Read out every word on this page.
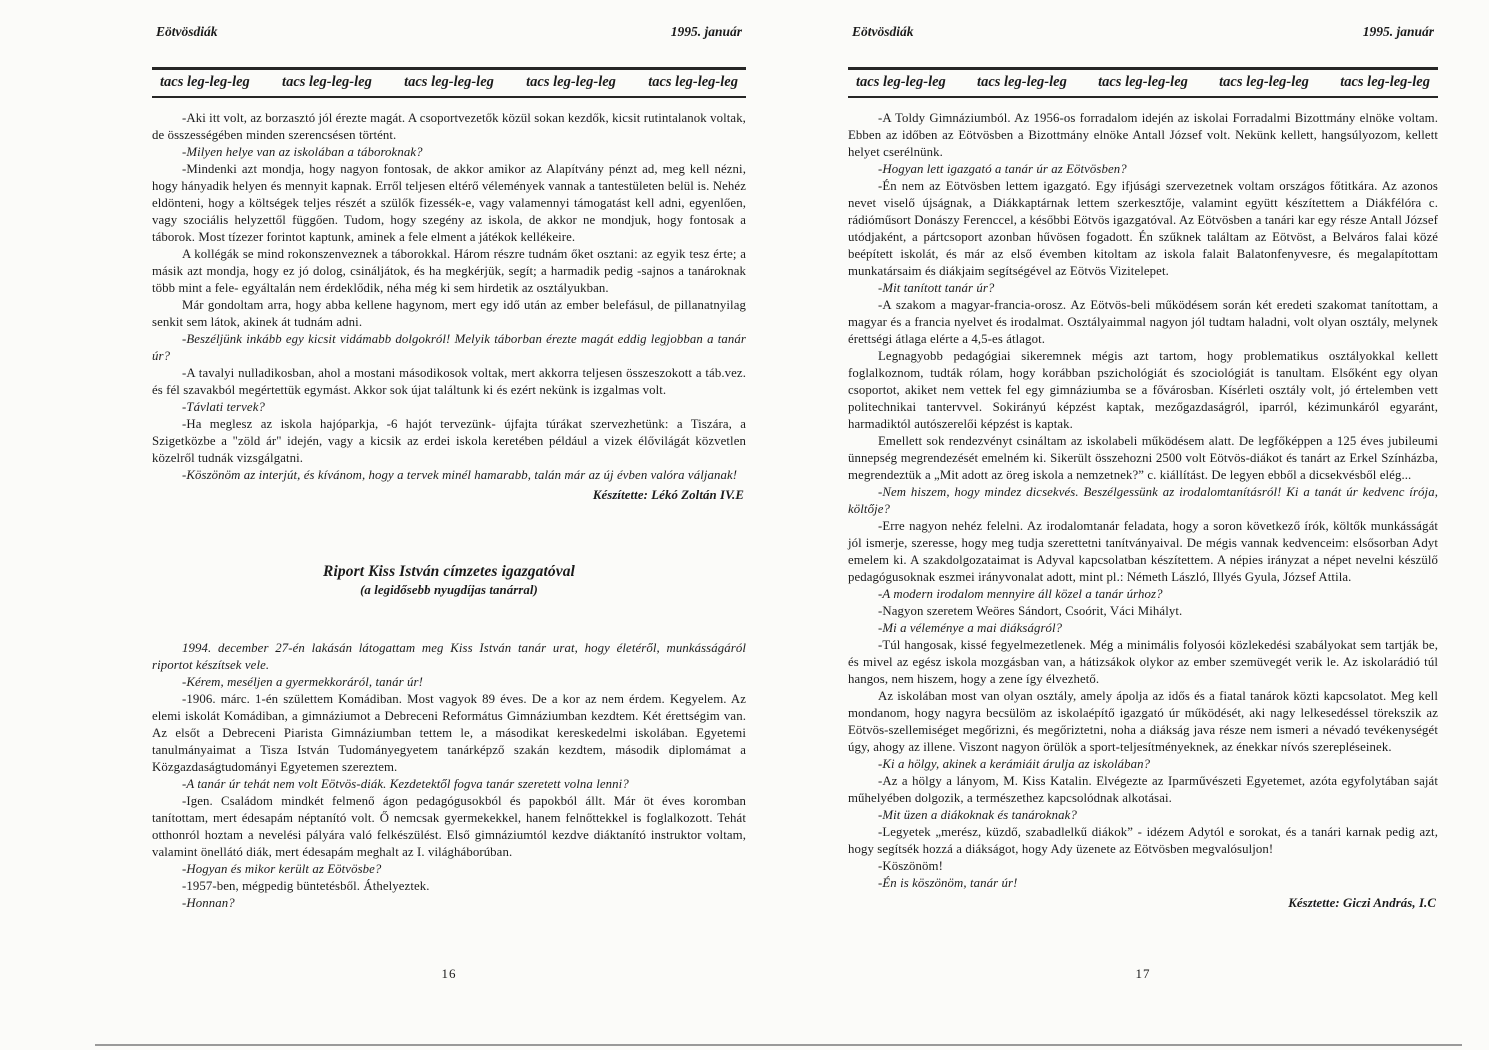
Eötvösdiák	1995. január
tacs leg-leg-leg tacs leg-leg-leg tacs leg-leg-leg tacs leg-leg-leg tacs leg-leg-leg

-Aki itt volt, az borzasztó jól érezte magát. A csoportvezetők közül sokan kezdők, kicsit rutintalanok voltak, de összességében minden szerencsésen történt.

-Milyen helye van az iskolában a táboroknak?

-Mindenki azt mondja, hogy nagyon fontosak, de akkor amikor az Alapítvány pénzt ad, meg kell nézni, hogy hányadik helyen és mennyit kapnak. Erről teljesen eltérő vélemények vannak a tantestületen belül is. Nehéz eldönteni, hogy a költségek teljes részét a szülők fizessék-e, vagy valamennyi támogatást kell adni, egyenlően, vagy szociális helyzettől függően. Tudom, hogy szegény az iskola, de akkor ne mondjuk, hogy fontosak a táborok. Most tízezer forintot kaptunk, aminek a fele elment a játékok kellékeire.

A kollégák se mind rokonszenveznek a táborokkal. Három részre tudnám őket osztani: az egyik tesz érte; a másik azt mondja, hogy ez jó dolog, csináljátok, és ha megkérjük, segít; a harmadik pedig -sajnos a tanároknak több mint a fele- egyáltalán nem érdeklődik, néha még ki sem hirdetik az osztályukban.

Már gondoltam arra, hogy abba kellene hagynom, mert egy idő után az ember belefásul, de pillanatnyilag senkit sem látok, akinek át tudnám adni.

-Beszéljünk inkább egy kicsit vidámabb dolgokról! Melyik táborban érezte magát eddig legjobban a tanár úr?

-A tavalyi nulladikosban, ahol a mostani másodikosok voltak, mert akkorra teljesen összeszokott a táb.vez. és fél szavakból megértettük egymást. Akkor sok újat találtunk ki és ezért nekünk is izgalmas volt.

-Távlati tervek?

-Ha meglesz az iskola hajóparkja, -6 hajót tervezünk- újfajta túrákat szervezhetünk: a Tiszára, a Szigetközbe a "zöld ár" idején, vagy a kicsik az erdei iskola keretében például a vizek élővilágát közvetlen közelről tudnák vizsgálgatni.

-Köszönöm az interjút, és kívánom, hogy a tervek minél hamarabb, talán már az új évben valóra váljanak!

Készítette: Lékó Zoltán IV.E

Riport Kiss István címzetes igazgatóval

(a legidősebb nyugdíjas tanárral)

1994. december 27-én lakásán látogattam meg Kiss István tanár urat, hogy életéről, munkásságáról riportot készítsek vele.

-Kérem, meséljen a gyermekkoráról, tanár úr!

-1906. márc. 1-én születtem Komádiban. Most vagyok 89 éves. De a kor az nem érdem. Kegyelem. Az elemi iskolát Komádiban, a gimnáziumot a Debreceni Református Gimnáziumban kezdtem. Két érettségim van. Az elsőt a Debreceni Piarista Gimnáziumban tettem le, a másodikat kereskedelmi iskolában. Egyetemi tanulmányaimat a Tisza István Tudományegyetem tanárképző szakán kezdtem, második diplomámat a Közgazdaságtudományi Egyetemen szereztem.

-A tanár úr tehát nem volt Eötvös-diák. Kezdetektől fogva tanár szeretett volna lenni?

-Igen. Családom mindkét felmenő ágon pedagógusokból és papokból állt. Már öt éves koromban tanítottam, mert édesapám néptanító volt. Ő nemcsak gyermekekkel, hanem felnőttekkel is foglalkozott. Tehát otthonról hoztam a nevelési pályára való felkészülést. Első gimnáziumtól kezdve diáktanító instruktor voltam, valamint önellátó diák, mert édesapám meghalt az I. világháborúban.

-Hogyan és mikor került az Eötvösbe?

-1957-ben, mégpedig büntetésből. Áthelyeztek.

-Honnan?

16
Eötvösdiák	1995. január
tacs leg-leg-leg tacs leg-leg-leg tacs leg-leg-leg tacs leg-leg-leg tacs leg-leg-leg

-A Toldy Gimnáziumból. Az 1956-os forradalom idején az iskolai Forradalmi Bizottmány elnöke voltam. Ebben az időben az Eötvösben a Bizottmány elnöke Antall József volt. Nekünk kellett, hangsúlyozom, kellett helyet cserélnünk.

-Hogyan lett igazgató a tanár úr az Eötvösben?

-Én nem az Eötvösben lettem igazgató. Egy ifjúsági szervezetnek voltam országos főtitkára. Az azonos nevet viselő újságnak, a Diákkaptárnak lettem szerkesztője, valamint együtt készítettem a Diákfélóra c. rádióműsort Donászy Ferenccel, a későbbi Eötvös igazgatóval. Az Eötvösben a tanári kar egy része Antall József utódjaként, a pártcsoport azonban hűvösen fogadott. Én szűknek találtam az Eötvöst, a Belváros falai közé beépített iskolát, és már az első évemben kitoltam az iskola falait Balatonfenyvesre, és megalapítottam munkatársaim és diákjaim segítségével az Eötvös Vizitelepet.

-Mit tanított tanár úr?

-A szakom a magyar-francia-orosz. Az Eötvös-beli működésem során két eredeti szakomat tanítottam, a magyar és a francia nyelvet és irodalmat. Osztályaimmal nagyon jól tudtam haladni, volt olyan osztály, melynek érettségi átlaga elérte a 4,5-es átlagot.

Legnagyobb pedagógiai sikeremnek mégis azt tartom, hogy problematikus osztályokkal kellett foglalkoznom, tudták rólam, hogy korábban pszichológiát és szociológiát is tanultam. Elsőként egy olyan csoportot, akiket nem vettek fel egy gimnáziumba se a fővárosban. Kísérleti osztály volt, jó értelemben vett politechnikai tantervvel. Sokirányú képzést kaptak, mezőgazdaságról, iparról, kézimunkáról egyaránt, harmadiktól autószerelői képzést is kaptak.

Emellett sok rendezvényt csináltam az iskolabeli működésem alatt. De legfőképpen a 125 éves jubileumi ünnepség megrendezését emelném ki. Sikerült összehozni 2500 volt Eötvös-diákot és tanárt az Erkel Színházba, megrendeztük a „Mit adott az öreg iskola a nemzetnek?” c. kiállítást. De legyen ebből a dicsekvésből elég...

-Nem hiszem, hogy mindez dicsekvés. Beszélgessünk az irodalomtanításról! Ki a tanát úr kedvenc írója, költője?

-Erre nagyon nehéz felelni. Az irodalomtanár feladata, hogy a soron következő írók, költők munkásságát jól ismerje, szeresse, hogy meg tudja szerettetni tanítványaival. De mégis vannak kedvenceim: elsősorban Adyt emelem ki. A szakdolgozataimat is Adyval kapcsolatban készítettem. A népies irányzat a népet nevelni készülő pedagógusoknak eszmei irányvonalat adott, mint pl.: Németh László, Illyés Gyula, József Attila.

-A modern irodalom mennyire áll közel a tanár úrhoz?

-Nagyon szeretem Weöres Sándort, Csoórit, Váci Mihályt.

-Mi a véleménye a mai diákságról?

-Túl hangosak, kissé fegyelmezetlenek. Még a minimális folyosói közlekedési szabályokat sem tartják be, és mivel az egész iskola mozgásban van, a hátizsákok olykor az ember szemüvegét verik le. Az iskolarádió túl hangos, nem hiszem, hogy a zene így élvezhető.

Az iskolában most van olyan osztály, amely ápolja az idős és a fiatal tanárok közti kapcsolatot. Meg kell mondanom, hogy nagyra becsülöm az iskolaépítő igazgató úr működését, aki nagy lelkesedéssel törekszik az Eötvös-szellemiséget megőrizni, és megőriztetni, noha a diákság java része nem ismeri a névadó tevékenységét úgy, ahogy az illene. Viszont nagyon örülök a sport-teljesítményeknek, az énekkar nívós szerepléseinek.

-Ki a hölgy, akinek a kerámiáit árulja az iskolában?

-Az a hölgy a lányom, M. Kiss Katalin. Elvégezte az Iparművészeti Egyetemet, azóta egyfolytában saját műhelyében dolgozik, a természethez kapcsolódnak alkotásai.

-Mit üzen a diákoknak és tanároknak?

-Legyetek „merész, küzdő, szabadlelkű diákok” - idézem Adytól e sorokat, és a tanári karnak pedig azt, hogy segítsék hozzá a diákságot, hogy Ady üzenete az Eötvösben megvalósuljon!

-Köszönöm!

-Én is köszönöm, tanár úr!

Késztette: Giczi András, I.C

17
